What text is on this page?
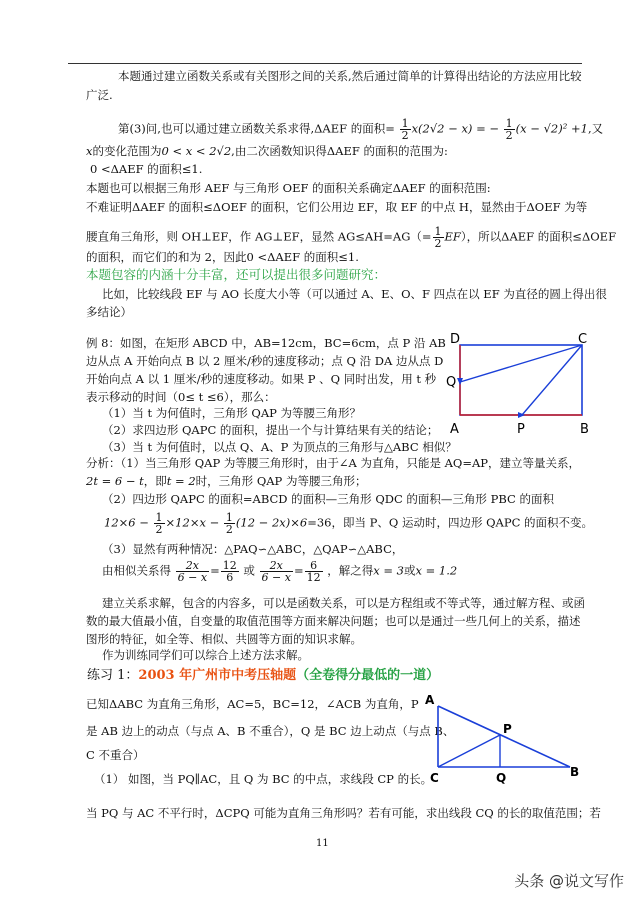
本题通过建立函数关系或有关图形之间的关系,然后通过简单的计算得出结论的方法应用比较
广泛.
第(3)问,也可以通过建立函数关系求得,ΔAEF 的面积= $\frac{1}{2} x(2√2 - x)$ = − $\frac{1}{2} (x - √2)^2 +1$,又
x的变化范围为0 < x < 2√2,由二次函数知识得ΔAEF 的面积的范围为:
0 <ΔAEF 的面积≤1.
本题也可以根据三角形 AEF 与三角形 OEF 的面积关系确定ΔAEF 的面积范围:
不难证明ΔAEF 的面积≤ΔOEF 的面积，它们公用边 EF，取 EF 的中点 H，显然由于ΔOEF 为等
腰直角三角形，则 OH⊥EF，作 AG⊥EF，显然 $AG\le AH=AG(= \frac{1}{2} EF)$，所以ΔAEF 的面积≤ΔOEF
的面积，而它们的和为 2，因此0 <ΔAEF 的面积≤1.
本题包容的内涵十分丰富，还可以提出很多问题研究：
比如，比较线段 EF 与 AO 长度大小等（可以通过 A、E、O、F 四点在以 EF 为直径的圆上得出很
多结论）
例 8：如图，在矩形 ABCD 中，AB=12cm，BC=6cm，点 P 沿 AB
边从点 A 开始向点 B 以 2 厘米/秒的速度移动；点 Q 沿 DA 边从点 D
开始向点 A 以 1 厘米/秒的速度移动。如果 P 、Q 同时出发，用 t 秒
表示移动的时间（0≤ t ≤6），那么：
（1）当 t 为何值时，三角形 QAP 为等腰三角形？
（2）求四边形 QAPC 的面积，提出一个与计算结果有关的结论；
（3）当 t 为何值时，以点 Q、A、P 为顶点的三角形与△ABC 相似？
D	C
Q
A	P	B
分析：（1）当三角形 QAP 为等腰三角形时，由于∠A 为直角，只能是 AQ=AP，建立等量关系，
2t = 6 − t，即t = 2时，三角形 QAP 为等腰三角形；
（2）四边形 QAPC 的面积=ABCD 的面积—三角形 QDC 的面积—三角形 PBC 的面积
$12\times 6 - \frac{1}{2} \times 12\times x - \frac{1}{2} (12 - 2x)\times 6=36$，即当 P、Q 运动时，四边形 QAPC 的面积不变。
（3）显然有两种情况：△PAQ∽△ABC，△QAP∽△ABC，
由相似关系得 $\frac{2x}{6 - x} = \frac{12}{6}$ 或 $\frac{2x}{6 - x} = \frac{6}{12}$ ，解之得x = 3或x = 1.2
建立关系求解，包含的内容多，可以是函数关系，可以是方程组或不等式等，通过解方程、或函
数的最大值最小值，自变量的取值范围等方面来解决问题；也可以是通过一些几何上的关系，描述
图形的特征，如全等、相似、共圆等方面的知识求解。
作为训练同学们可以综合上述方法求解。
练习 1：2003 年广州市中考压轴题（全卷得分最低的一道）
已知ΔABC 为直角三角形，AC=5，BC=12，∠ACB 为直角，P
是 AB 边上的动点（与点 A、B 不重合），Q 是 BC 边上动点（与点 B、
C 不重合）
（1） 如图，当 PQ∥AC，且 Q 为 BC 的中点，求线段 CP 的长。
当 PQ 与 AC 不平行时，ΔCPQ 可能为直角三角形吗？若有可能，求出线段 CQ 的长的取值范围；若
A
P
C	Q	B
11
头条 @说文写作
